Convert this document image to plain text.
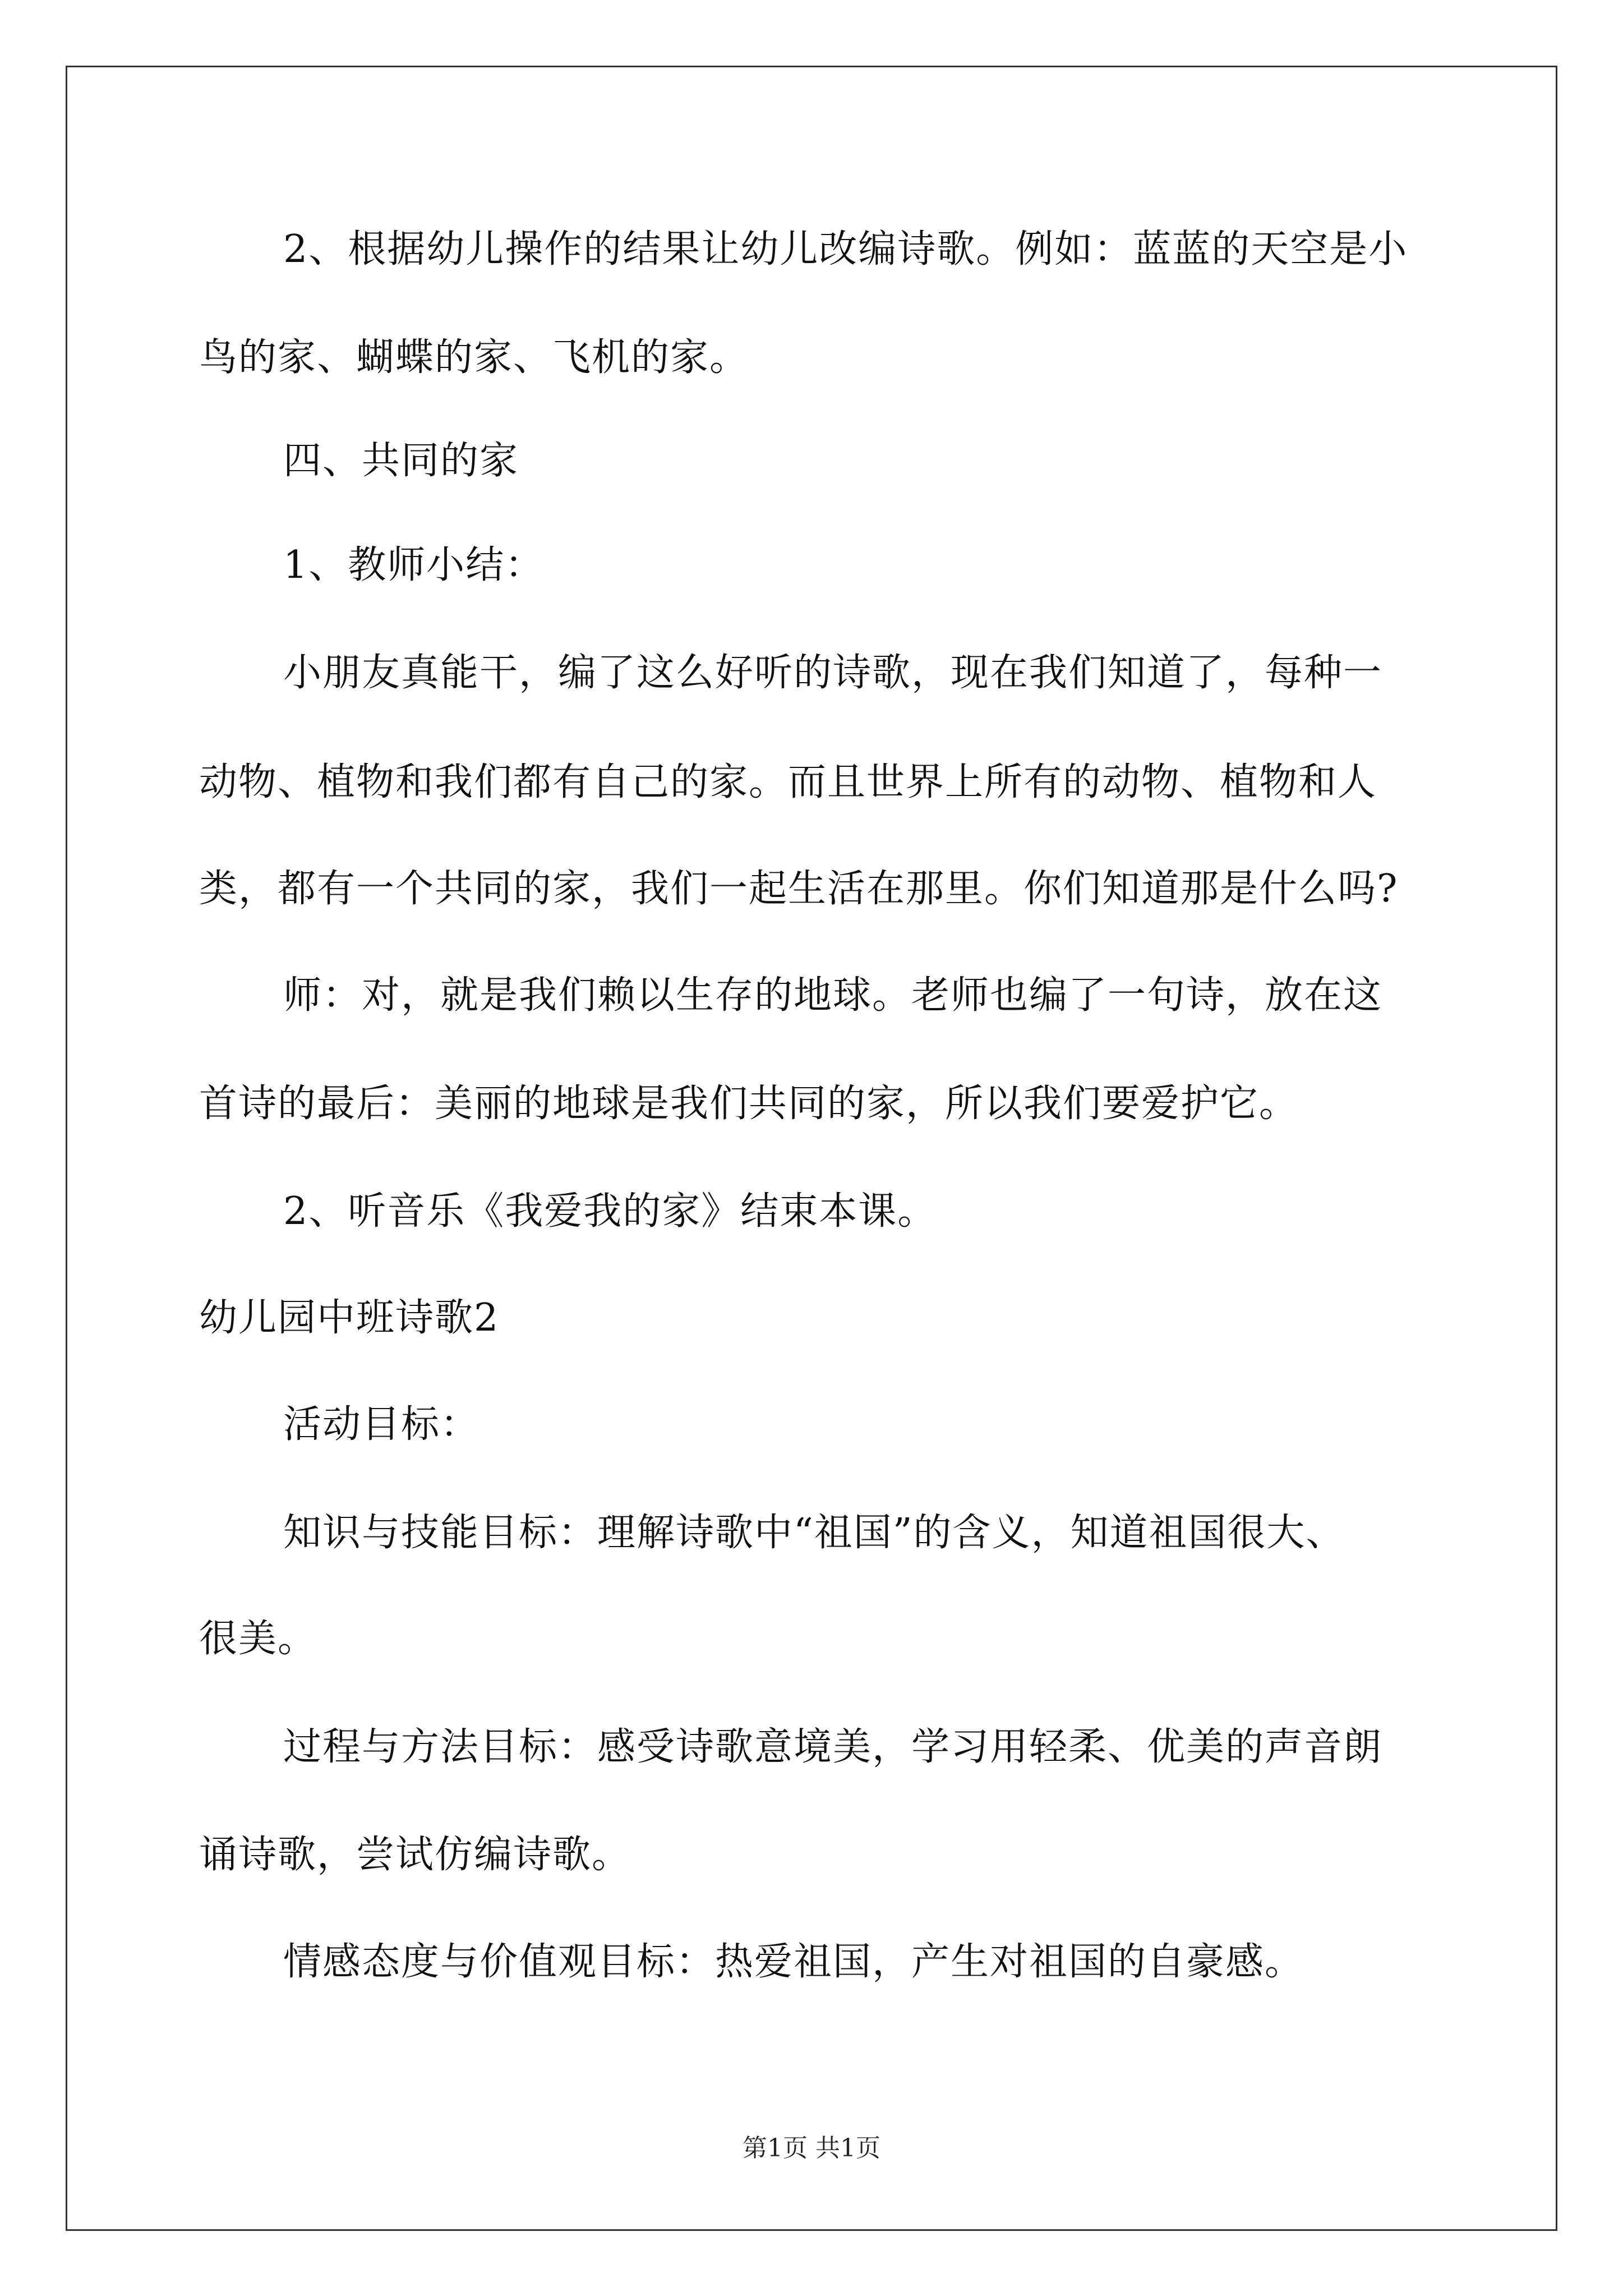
2、根据幼儿操作的结果让幼儿改编诗歌。例如：蓝蓝的天空是小
鸟的家、蝴蝶的家、飞机的家。
四、共同的家
1、教师小结：
小朋友真能干，编了这么好听的诗歌，现在我们知道了，每种一
动物、植物和我们都有自己的家。而且世界上所有的动物、植物和人
类，都有一个共同的家，我们一起生活在那里。你们知道那是什么吗?
师：对，就是我们赖以生存的地球。老师也编了一句诗，放在这
首诗的最后：美丽的地球是我们共同的家，所以我们要爱护它。
2、听音乐《我爱我的家》结束本课。
幼儿园中班诗歌2
活动目标：
知识与技能目标：理解诗歌中“祖国”的含义，知道祖国很大、
很美。
过程与方法目标：感受诗歌意境美，学习用轻柔、优美的声音朗
诵诗歌，尝试仿编诗歌。
情感态度与价值观目标：热爱祖国，产生对祖国的自豪感。
第1页 共1页
